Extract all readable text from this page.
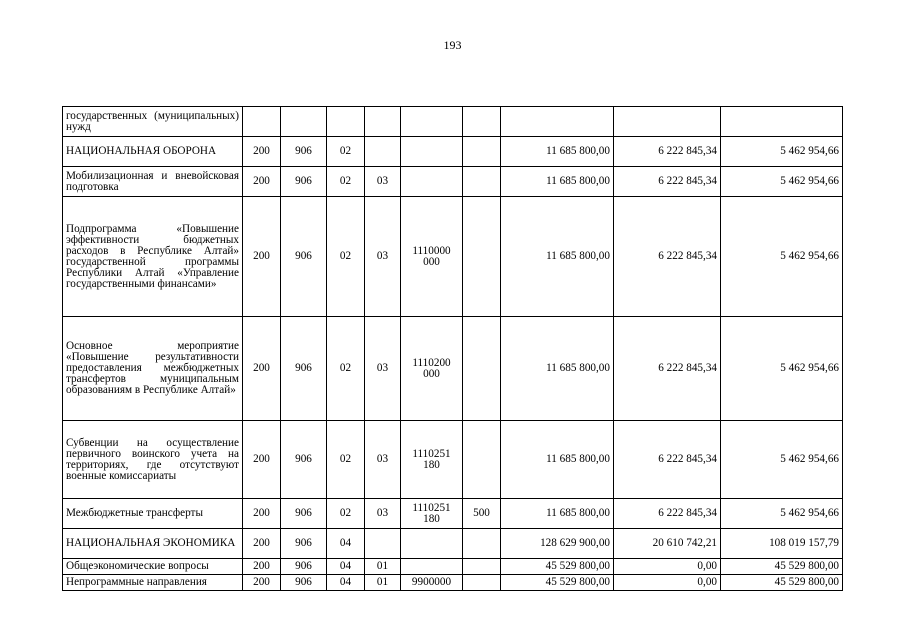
193
государственных (муниципальных) нужд									
НАЦИОНАЛЬНАЯ ОБОРОНА	200	906	02				11 685 800,00	6 222 845,34	5 462 954,66
Мобилизационная и вневойсковая подготовка	200	906	02	03			11 685 800,00	6 222 845,34	5 462 954,66
Подпрограмма «Повышение эффективности бюджетных расходов в Республике Алтай» государственной программы Республики Алтай «Управление государственными финансами»	200	906	02	03	1110000 000		11 685 800,00	6 222 845,34	5 462 954,66
Основное мероприятие «Повышение результативности предоставления межбюджетных трансфертов муниципальным образованиям в Республике Алтай»	200	906	02	03	1110200 000		11 685 800,00	6 222 845,34	5 462 954,66
Субвенции на осуществление первичного воинского учета на территориях, где отсутствуют военные комиссариаты	200	906	02	03	1110251 180		11 685 800,00	6 222 845,34	5 462 954,66
Межбюджетные трансферты	200	906	02	03	1110251 180	500	11 685 800,00	6 222 845,34	5 462 954,66
НАЦИОНАЛЬНАЯ ЭКОНОМИКА	200	906	04				128 629 900,00	20 610 742,21	108 019 157,79
Общеэкономические вопросы	200	906	04	01			45 529 800,00	0,00	45 529 800,00
Непрограммные направления	200	906	04	01	9900000		45 529 800,00	0,00	45 529 800,00
